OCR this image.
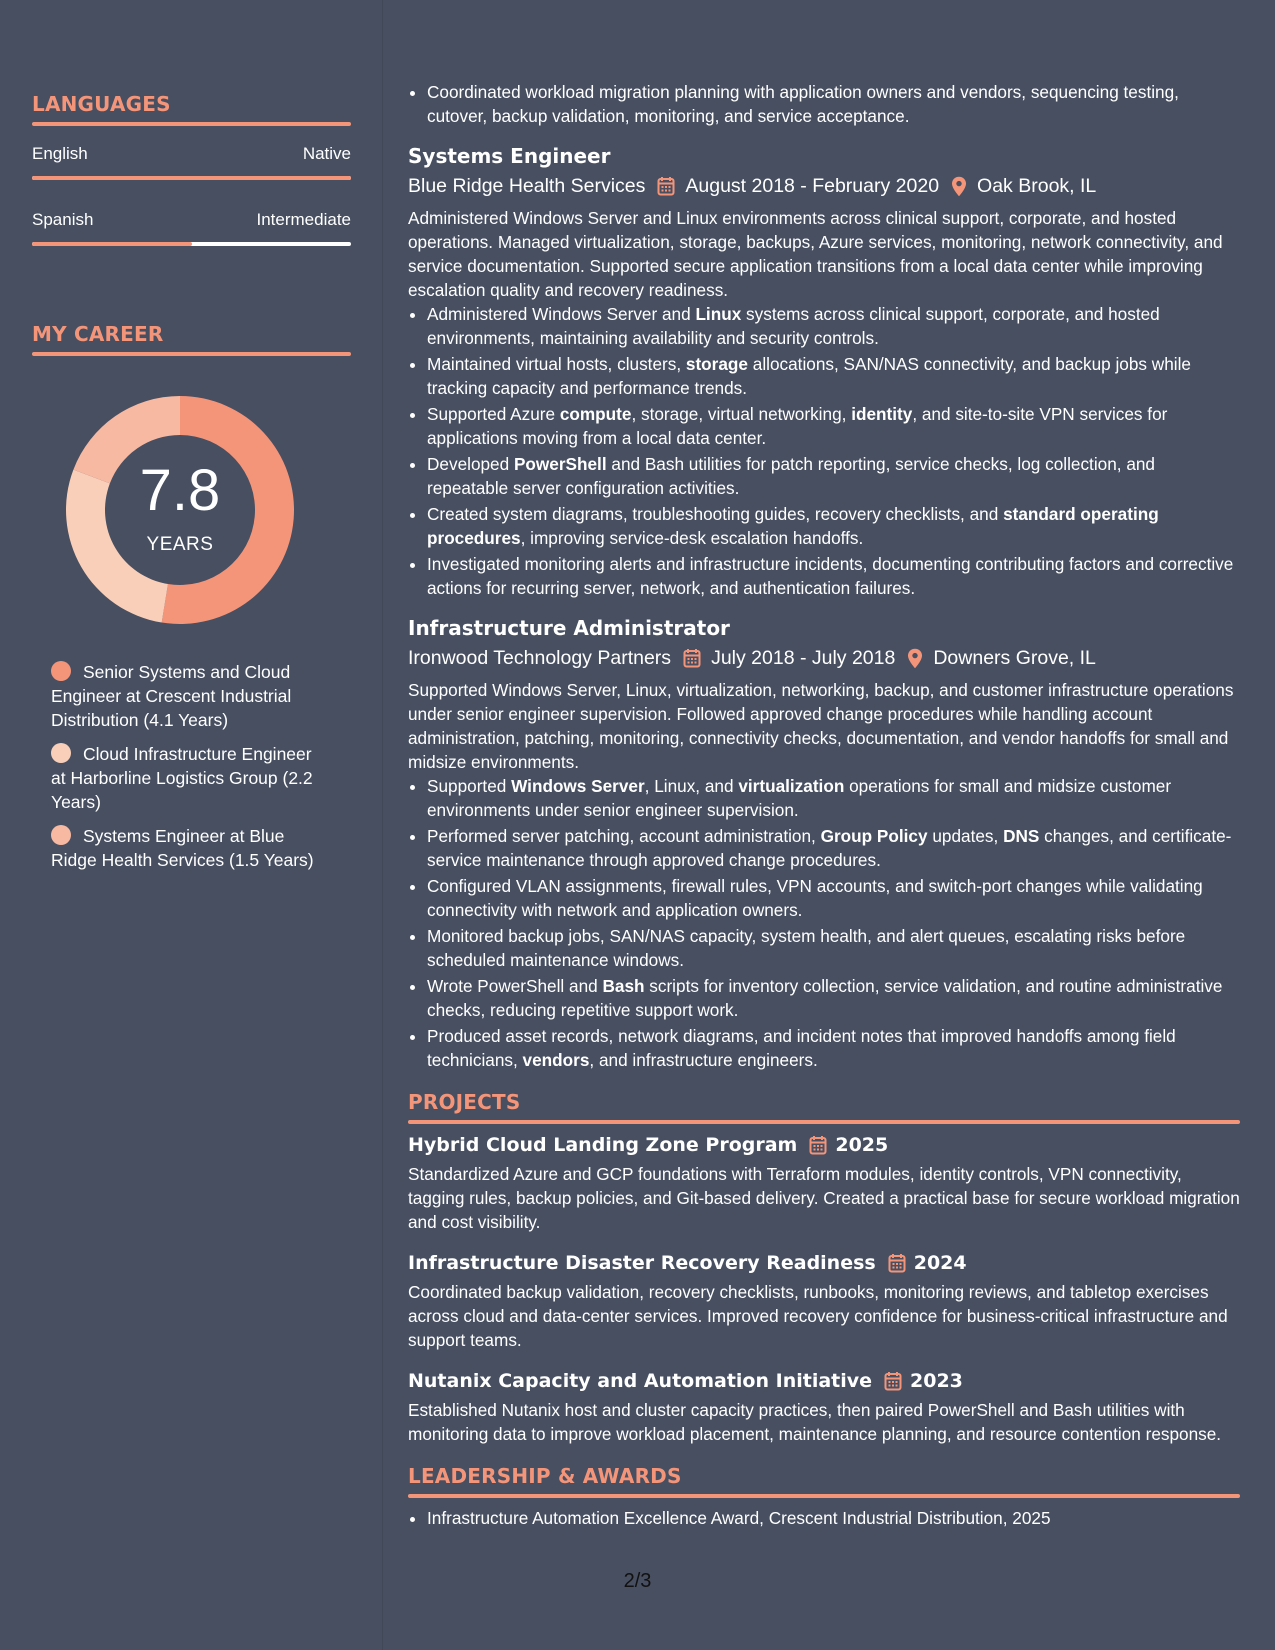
LANGUAGES
English	Native
Spanish	Intermediate
MY CAREER
7.8
YEARS
Senior Systems and Cloud Engineer at Crescent Industrial Distribution (4.1 Years)
Cloud Infrastructure Engineer at Harborline Logistics Group (2.2 Years)
Systems Engineer at Blue Ridge Health Services (1.5 Years)
• Coordinated workload migration planning with application owners and vendors, sequencing testing, cutover, backup validation, monitoring, and service acceptance.
Systems Engineer
Blue Ridge Health Services August 2018 - February 2020 Oak Brook, IL
Administered Windows Server and Linux environments across clinical support, corporate, and hosted operations. Managed virtualization, storage, backups, Azure services, monitoring, network connectivity, and service documentation. Supported secure application transitions from a local data center while improving escalation quality and recovery readiness.
• Administered Windows Server and Linux systems across clinical support, corporate, and hosted environments, maintaining availability and security controls.
• Maintained virtual hosts, clusters, storage allocations, SAN/NAS connectivity, and backup jobs while tracking capacity and performance trends.
• Supported Azure compute, storage, virtual networking, identity, and site-to-site VPN services for applications moving from a local data center.
• Developed PowerShell and Bash utilities for patch reporting, service checks, log collection, and repeatable server configuration activities.
• Created system diagrams, troubleshooting guides, recovery checklists, and standard operating procedures, improving service-desk escalation handoffs.
• Investigated monitoring alerts and infrastructure incidents, documenting contributing factors and corrective actions for recurring server, network, and authentication failures.
Infrastructure Administrator
Ironwood Technology Partners July 2018 - July 2018 Downers Grove, IL
Supported Windows Server, Linux, virtualization, networking, backup, and customer infrastructure operations under senior engineer supervision. Followed approved change procedures while handling account administration, patching, monitoring, connectivity checks, documentation, and vendor handoffs for small and midsize environments.
• Supported Windows Server, Linux, and virtualization operations for small and midsize customer environments under senior engineer supervision.
• Performed server patching, account administration, Group Policy updates, DNS changes, and certificate-service maintenance through approved change procedures.
• Configured VLAN assignments, firewall rules, VPN accounts, and switch-port changes while validating connectivity with network and application owners.
• Monitored backup jobs, SAN/NAS capacity, system health, and alert queues, escalating risks before scheduled maintenance windows.
• Wrote PowerShell and Bash scripts for inventory collection, service validation, and routine administrative checks, reducing repetitive support work.
• Produced asset records, network diagrams, and incident notes that improved handoffs among field technicians, vendors, and infrastructure engineers.
PROJECTS
Hybrid Cloud Landing Zone Program 2025
Standardized Azure and GCP foundations with Terraform modules, identity controls, VPN connectivity, tagging rules, backup policies, and Git-based delivery. Created a practical base for secure workload migration and cost visibility.
Infrastructure Disaster Recovery Readiness 2024
Coordinated backup validation, recovery checklists, runbooks, monitoring reviews, and tabletop exercises across cloud and data-center services. Improved recovery confidence for business-critical infrastructure and support teams.
Nutanix Capacity and Automation Initiative 2023
Established Nutanix host and cluster capacity practices, then paired PowerShell and Bash utilities with monitoring data to improve workload placement, maintenance planning, and resource contention response.
LEADERSHIP & AWARDS
• Infrastructure Automation Excellence Award, Crescent Industrial Distribution, 2025
2/3
